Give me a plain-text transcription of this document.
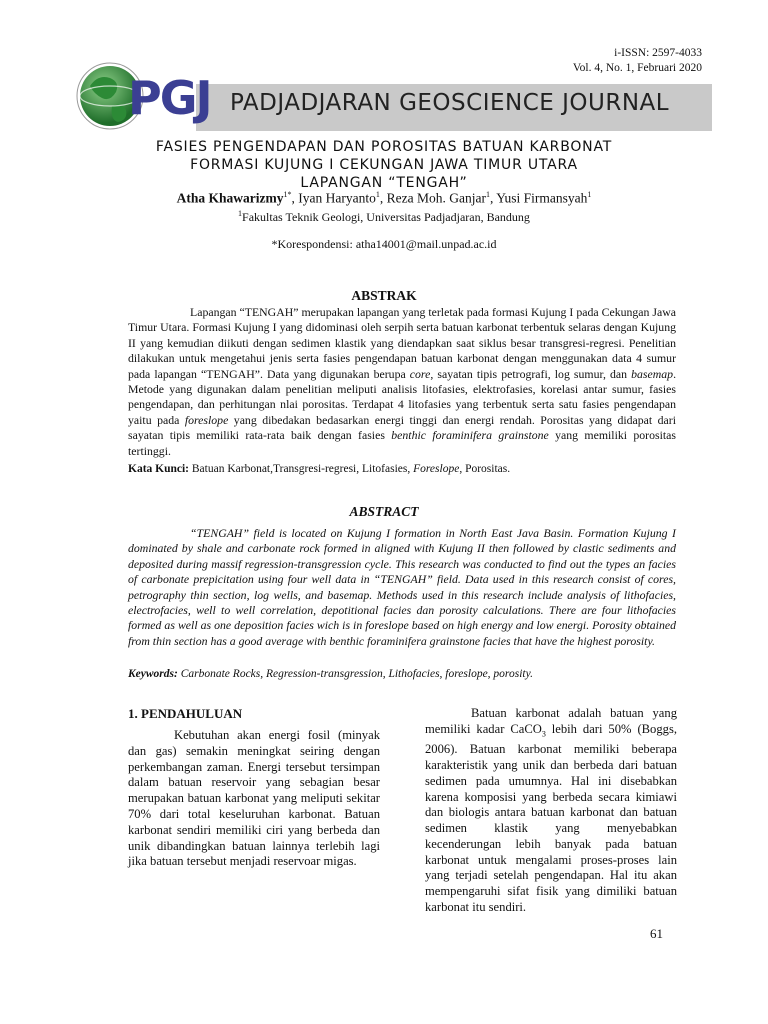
i-ISSN: 2597-4033
Vol. 4, No. 1, Februari 2020
PGJ PADJADJARAN GEOSCIENCE JOURNAL
FASIES PENGENDAPAN DAN POROSITAS BATUAN KARBONAT
FORMASI KUJUNG I CEKUNGAN JAWA TIMUR UTARA
LAPANGAN “TENGAH”
Atha Khawarizmy$^{1*}$, Iyan Haryanto$^1$, Reza Moh. Ganjar$^1$, Yusi Firmansyah$^1$
$^1$Fakultas Teknik Geologi, Universitas Padjadjaran, Bandung
*Korespondensi: atha14001@mail.unpad.ac.id
ABSTRAK
Lapangan “TENGAH” merupakan lapangan yang terletak pada formasi Kujung I pada Cekungan Jawa Timur Utara. Formasi Kujung I yang didominasi oleh serpih serta batuan karbonat terbentuk selaras dengan Kujung II yang kemudian diikuti dengan sedimen klastik yang diendapkan saat siklus besar transgresi-regresi. Penelitian dilakukan untuk mengetahui jenis serta fasies pengendapan batuan karbonat dengan menggunakan data 4 sumur pada lapangan “TENGAH”. Data yang digunakan berupa core, sayatan tipis petrografi, log sumur, dan basemap. Metode yang digunakan dalam penelitian meliputi analisis litofasies, elektrofasies, korelasi antar sumur, fasies pengendapan, dan perhitungan nlai porositas. Terdapat 4 litofasies yang terbentuk serta satu fasies pengendapan yaitu pada foreslope yang dibedakan bedasarkan energi tinggi dan energi rendah. Porositas yang didapat dari sayatan tipis memiliki rata-rata baik dengan fasies benthic foraminifera grainstone yang memiliki porositas tertinggi.
Kata Kunci: Batuan Karbonat,Transgresi-regresi, Litofasies, Foreslope, Porositas.
ABSTRACT
“TENGAH” field is located on Kujung I formation in North East Java Basin. Formation Kujung I dominated by shale and carbonate rock formed in aligned with Kujung II then followed by clastic sediments and deposited during massif regression-transgression cycle. This research was conducted to find out the types an facies of carbonate prepicitation using four well data in “TENGAH” field. Data used in this research consist of cores, petrography thin section, log wells, and basemap. Methods used in this research include analysis of lithofacies, electrofacies, well to well correlation, depotitional facies dan porosity calculations. There are four lithofacies formed as well as one deposition facies wich is in foreslope based on high energy and low energi. Porosity obtained from thin section has a good average with benthic foraminifera grainstone facies that have the highest porosity.
Keywords: Carbonate Rocks, Regression-transgression, Lithofacies, foreslope, porosity.
1. PENDAHULUAN
Kebutuhan akan energi fosil (minyak dan gas) semakin meningkat seiring dengan perkembangan zaman. Energi tersebut tersimpan dalam batuan reservoir yang sebagian besar merupakan batuan karbonat yang meliputi sekitar 70% dari total keseluruhan karbonat. Batuan karbonat sendiri memiliki ciri yang berbeda dan unik dibandingkan batuan lainnya terlebih lagi jika batuan tersebut menjadi reservoar migas.
Batuan karbonat adalah batuan yang memiliki kadar CaCO$_3$ lebih dari 50% (Boggs, 2006). Batuan karbonat memiliki beberapa karakteristik yang unik dan berbeda dari batuan sedimen pada umumnya. Hal ini disebabkan karena komposisi yang berbeda secara kimiawi dan biologis antara batuan karbonat dan batuan sedimen klastik yang menyebabkan kecenderungan lebih banyak pada batuan karbonat untuk mengalami proses-proses lain yang terjadi setelah pengendapan. Hal itu akan mempengaruhi sifat fisik yang dimiliki batuan karbonat itu sendiri.
61
